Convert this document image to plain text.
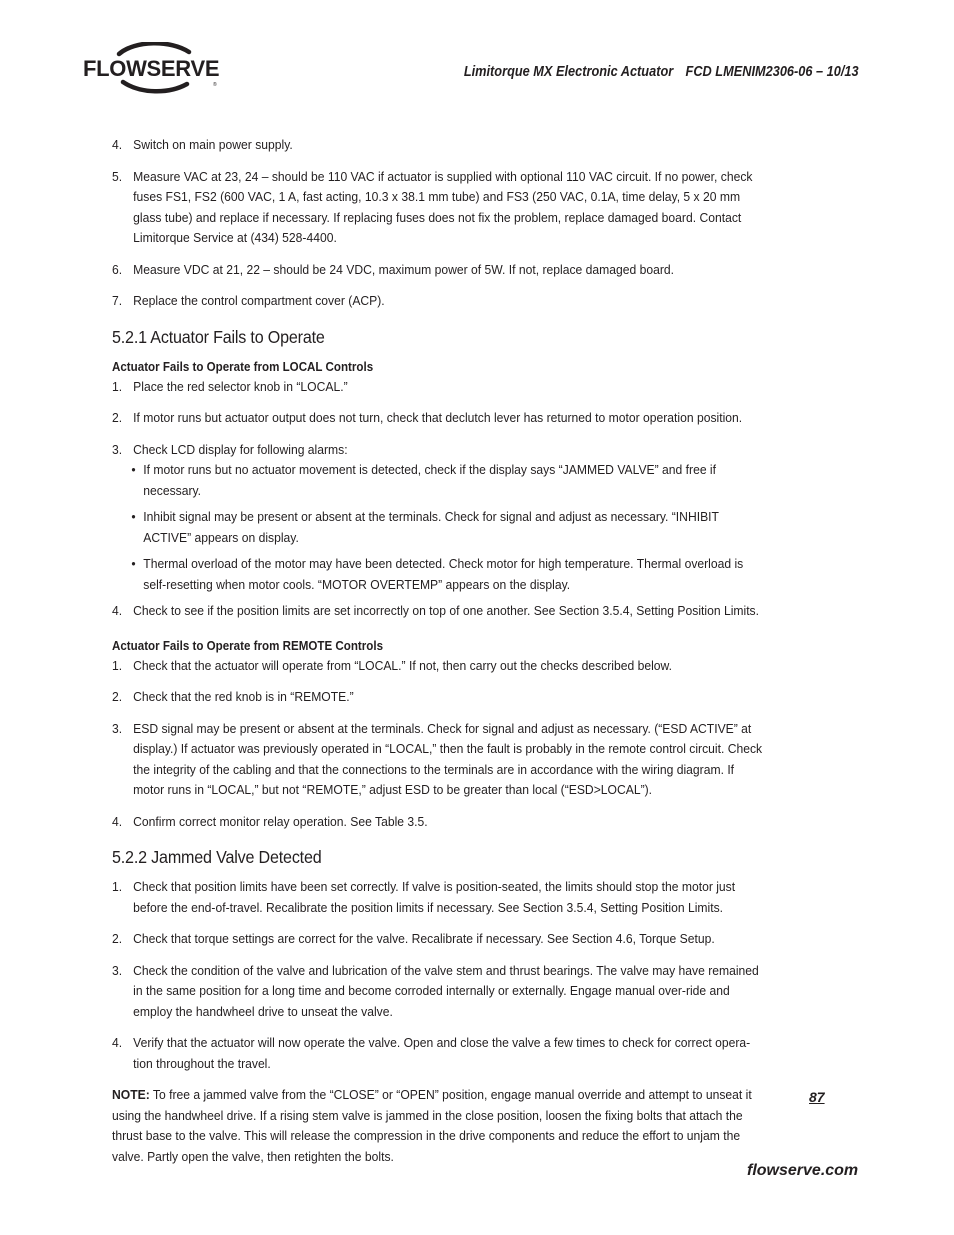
®
FLOWSERVE	Limitorque MX Electronic Actuator FCD LMENIM2306-06 – 10/13
4. Switch on main power supply.
5. Measure VAC at 23, 24 – should be 110 VAC if actuator is supplied with optional 110 VAC circuit. If no power, check fuses FS1, FS2 (600 VAC, 1 A, fast acting, 10.3 x 38.1 mm tube) and FS3 (250 VAC, 0.1A, time delay, 5 x 20 mm glass tube) and replace if necessary. If replacing fuses does not fix the problem, replace damaged board. Contact Limitorque Service at (434) 528-4400.
6. Measure VDC at 21, 22 – should be 24 VDC, maximum power of 5W. If not, replace damaged board.
7. Replace the control compartment cover (ACP).
5.2.1 Actuator Fails to Operate
Actuator Fails to Operate from LOCAL Controls
1. Place the red selector knob in “LOCAL.”
2. If motor runs but actuator output does not turn, check that declutch lever has returned to motor operation position.
3. Check LCD display for following alarms:
• If motor runs but no actuator movement is detected, check if the display says “JAMMED VALVE” and free if necessary.
• Inhibit signal may be present or absent at the terminals. Check for signal and adjust as necessary. “INHIBIT ACTIVE” appears on display.
• Thermal overload of the motor may have been detected. Check motor for high temperature. Thermal overload is self-resetting when motor cools. “MOTOR OVERTEMP” appears on the display.
4. Check to see if the position limits are set incorrectly on top of one another. See Section 3.5.4, Setting Position Limits.
Actuator Fails to Operate from REMOTE Controls
1. Check that the actuator will operate from “LOCAL.” If not, then carry out the checks described below.
2. Check that the red knob is in “REMOTE.”
3. ESD signal may be present or absent at the terminals. Check for signal and adjust as necessary. (“ESD ACTIVE” at display.) If actuator was previously operated in “LOCAL,” then the fault is probably in the remote control circuit. Check the integrity of the cabling and that the connections to the terminals are in accordance with the wiring diagram. If motor runs in “LOCAL,” but not “REMOTE,” adjust ESD to be greater than local (“ESD>LOCAL”).
4. Confirm correct monitor relay operation. See Table 3.5.
5.2.2 Jammed Valve Detected
1. Check that position limits have been set correctly. If valve is position-seated, the limits should stop the motor just before the end-of-travel. Recalibrate the position limits if necessary. See Section 3.5.4, Setting Position Limits.
2. Check that torque settings are correct for the valve. Recalibrate if necessary. See Section 4.6, Torque Setup.
3. Check the condition of the valve and lubrication of the valve stem and thrust bearings. The valve may have remained in the same position for a long time and become corroded internally or externally. Engage manual over-ride and employ the handwheel drive to unseat the valve.
4. Verify that the actuator will now operate the valve. Open and close the valve a few times to check for correct opera-tion throughout the travel.
NOTE: To free a jammed valve from the “CLOSE” or “OPEN” position, engage manual override and attempt to unseat it using the handwheel drive. If a rising stem valve is jammed in the close position, loosen the fixing bolts that attach the thrust base to the valve. This will release the compression in the drive components and reduce the effort to unjam the valve. Partly open the valve, then retighten the bolts.
87
flowserve.com
